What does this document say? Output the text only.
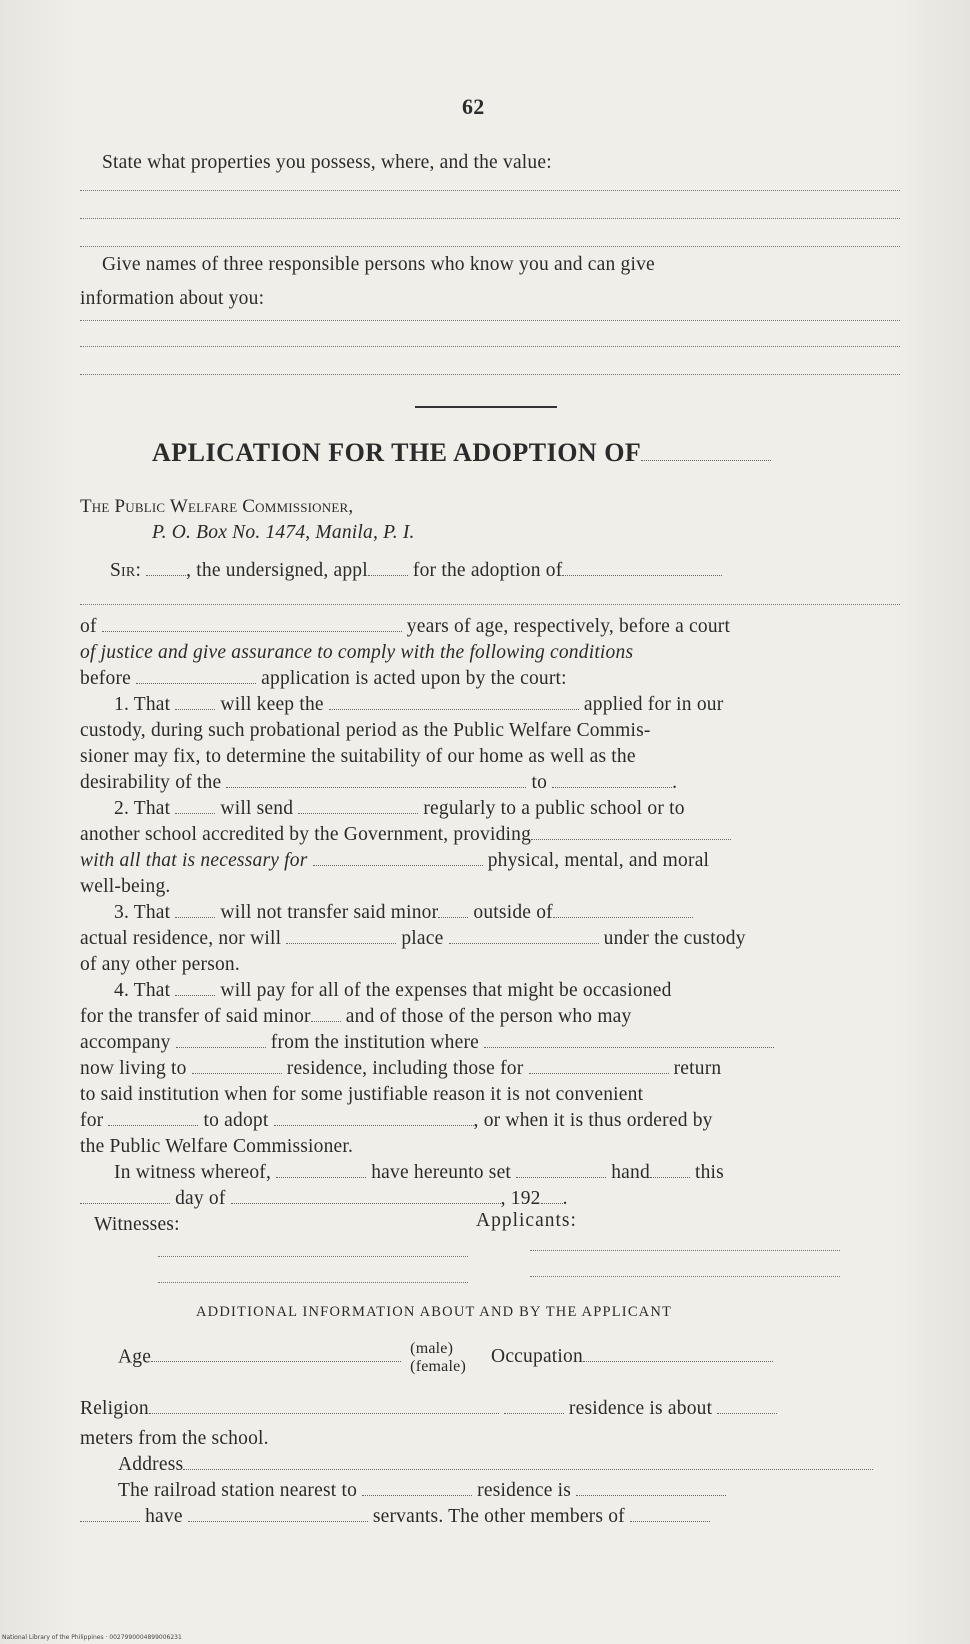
62
State what properties you possess, where, and the value:
Give names of three responsible persons who know you and can give
information about you:
APLICATION FOR THE ADOPTION OF
The Public Welfare Commissioner,
P. O. Box No. 1474, Manila, P. I.
Sir: , the undersigned, appl for the adoption of
of	years of age, respectively, before a court
of justice and give assurance to comply with the following conditions
before	application is acted upon by the court:
1. That  will keep the	applied for in our
custody, during such probational period as the Public Welfare Commis-
sioner may fix, to determine the suitability of our home as well as the
desirability of the	to	.
2. That  will send	regularly to a public school or to
another school accredited by the Government, providing
with all that is necessary for	physical, mental, and moral
well-being.
3. That  will not transfer said minor outside of
actual residence, nor will	place	under the custody
of any other person.
4. That  will pay for all of the expenses that might be occasioned
for the transfer of said minor and of those of the person who may
accompany	from the institution where
now living to	residence, including those for	return
to said institution when for some justifiable reason it is not convenient
for	to adopt	, or when it is thus ordered by
the Public Welfare Commissioner.
In witness whereof,	have hereunto set	hand this
day of	, 192 .
Witnesses:	Applicants:
ADDITIONAL INFORMATION ABOUT AND BY THE APPLICANT
Age	(male)
(female) Occupation
Religion	residence is about
meters from the school.
Address
The railroad station nearest to	residence is
have	servants. The other members of
National Library of the Philippines · 0027990004899006231
